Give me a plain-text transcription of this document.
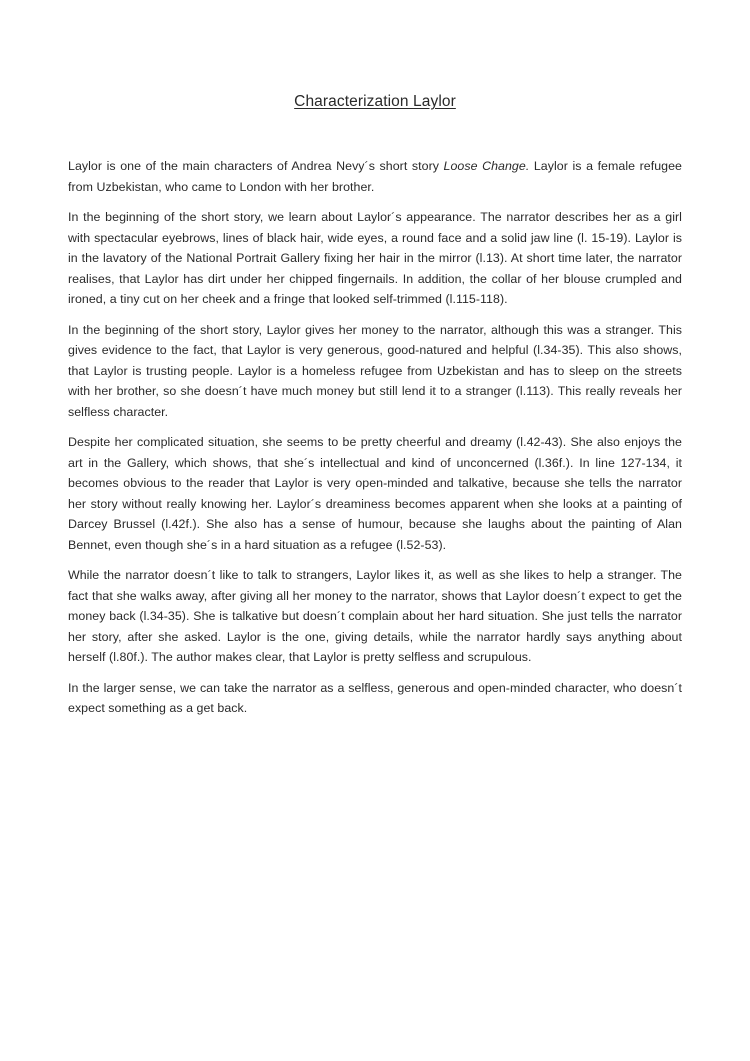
Characterization Laylor

Laylor is one of the main characters of Andrea Nevy´s short story Loose Change. Laylor is a female refugee from Uzbekistan, who came to London with her brother.

In the beginning of the short story, we learn about Laylor´s appearance. The narrator describes her as a girl with spectacular eyebrows, lines of black hair, wide eyes, a round face and a solid jaw line (l. 15-19). Laylor is in the lavatory of the National Portrait Gallery fixing her hair in the mirror (l.13). At short time later, the narrator realises, that Laylor has dirt under her chipped fingernails. In addition, the collar of her blouse crumpled and ironed, a tiny cut on her cheek and a fringe that looked self-trimmed (l.115-118).

In the beginning of the short story, Laylor gives her money to the narrator, although this was a stranger. This gives evidence to the fact, that Laylor is very generous, good-natured and helpful (l.34-35). This also shows, that Laylor is trusting people. Laylor is a homeless refugee from Uzbekistan and has to sleep on the streets with her brother, so she doesn´t have much money but still lend it to a stranger (l.113). This really reveals her selfless character.

Despite her complicated situation, she seems to be pretty cheerful and dreamy (l.42-43). She also enjoys the art in the Gallery, which shows, that she´s intellectual and kind of unconcerned (l.36f.). In line 127-134, it becomes obvious to the reader that Laylor is very open-minded and talkative, because she tells the narrator her story without really knowing her. Laylor´s dreaminess becomes apparent when she looks at a painting of Darcey Brussel (l.42f.). She also has a sense of humour, because she laughs about the painting of Alan Bennet, even though she´s in a hard situation as a refugee (l.52-53).

While the narrator doesn´t like to talk to strangers, Laylor likes it, as well as she likes to help a stranger. The fact that she walks away, after giving all her money to the narrator, shows that Laylor doesn´t expect to get the money back (l.34-35). She is talkative but doesn´t complain about her hard situation. She just tells the narrator her story, after she asked. Laylor is the one, giving details, while the narrator hardly says anything about herself (l.80f.). The author makes clear, that Laylor is pretty selfless and scrupulous.

In the larger sense, we can take the narrator as a selfless, generous and open-minded character, who doesn´t expect something as a get back.
